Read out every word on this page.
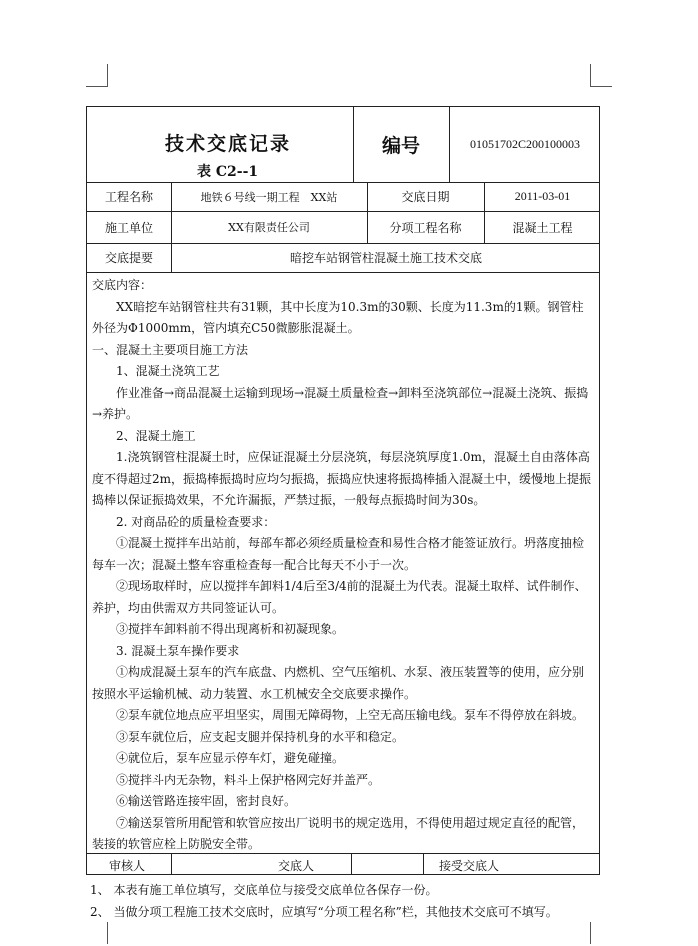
技术交底记录
表 C2--1
编号	01051702C200100003
工程名称	地铁６号线一期工程　XX站	交底日期	2011-03-01
施工单位	XX有限责任公司	分项工程名称	混凝土工程
交底提要	暗挖车站钢管柱混凝土施工技术交底
交底内容：
XX暗挖车站钢管柱共有31颗，其中长度为10.3m的30颗、长度为11.3m的1颗。钢管柱外径为Φ1000mm，管内填充C50微膨胀混凝土。
一、混凝土主要项目施工方法
1、混凝土浇筑工艺
作业准备→商品混凝土运输到现场→混凝土质量检查→卸料至浇筑部位→混凝土浇筑、振捣→养护。
2、混凝土施工
1.浇筑钢管柱混凝土时，应保证混凝土分层浇筑，每层浇筑厚度1.0m，混凝土自由落体高度不得超过2m，振捣棒振捣时应均匀振捣，振捣应快速将振捣棒插入混凝土中，缓慢地上提振捣棒以保证振捣效果，不允许漏振，严禁过振，一般每点振捣时间为30s。
2. 对商品砼的质量检查要求：
①混凝土搅拌车出站前，每部车都必须经质量检查和易性合格才能签证放行。坍落度抽检每车一次；混凝土整车容重检查每一配合比每天不小于一次。
②现场取样时，应以搅拌车卸料1/4后至3/4前的混凝土为代表。混凝土取样、试件制作、养护，均由供需双方共同签证认可。
③搅拌车卸料前不得出现离析和初凝现象。
3. 混凝土泵车操作要求
①构成混凝土泵车的汽车底盘、内燃机、空气压缩机、水泵、液压装置等的使用，应分别按照水平运输机械、动力装置、水工机械安全交底要求操作。
②泵车就位地点应平坦坚实，周围无障碍物，上空无高压输电线。泵车不得停放在斜坡。
③泵车就位后，应支起支腿并保持机身的水平和稳定。
④就位后，泵车应显示停车灯，避免碰撞。
⑤搅拌斗内无杂物，料斗上保护格网完好并盖严。
⑥输送管路连接牢固，密封良好。
⑦输送泵管所用配管和软管应按出厂说明书的规定选用，不得使用超过规定直径的配管，装接的软管应栓上防脱安全带。
审核人	交底人	接受交底人
1、 本表有施工单位填写，交底单位与接受交底单位各保存一份。
2、 当做分项工程施工技术交底时，应填写“分项工程名称”栏，其他技术交底可不填写。
